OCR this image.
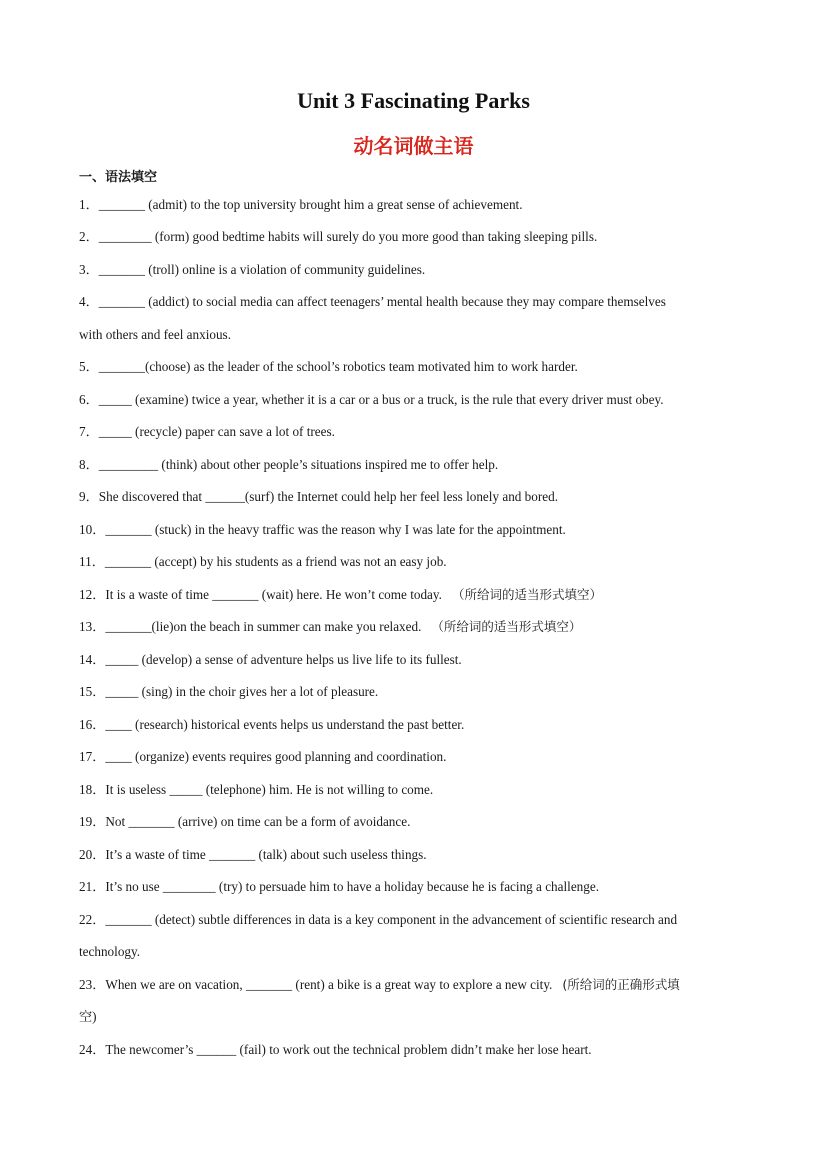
Unit 3 Fascinating Parks
动名词做主语
一、语法填空
1．_______ (admit) to the top university brought him a great sense of achievement.
2．________ (form) good bedtime habits will surely do you more good than taking sleeping pills.
3．_______ (troll) online is a violation of community guidelines.
4．_______ (addict) to social media can affect teenagers’ mental health because they may compare themselves
with others and feel anxious.
5．_______(choose) as the leader of the school’s robotics team motivated him to work harder.
6．_____ (examine) twice a year, whether it is a car or a bus or a truck, is the rule that every driver must obey.
7．_____ (recycle) paper can save a lot of trees.
8．_________ (think) about other people’s situations inspired me to offer help.
9．She discovered that ______(surf) the Internet could help her feel less lonely and bored.
10．_______ (stuck) in the heavy traffic was the reason why I was late for the appointment.
11．_______ (accept) by his students as a friend was not an easy job.
12．It is a waste of time _______ (wait) here. He won’t come today. （所给词的适当形式填空）
13．_______(lie)on the beach in summer can make you relaxed. （所给词的适当形式填空）
14．_____ (develop) a sense of adventure helps us live life to its fullest.
15．_____ (sing) in the choir gives her a lot of pleasure.
16．____ (research) historical events helps us understand the past better.
17．____ (organize) events requires good planning and coordination.
18．It is useless _____ (telephone) him. He is not willing to come.
19．Not _______ (arrive) on time can be a form of avoidance.
20．It’s a waste of time _______ (talk) about such useless things.
21．It’s no use ________ (try) to persuade him to have a holiday because he is facing a challenge.
22．_______ (detect) subtle differences in data is a key component in the advancement of scientific research and
technology.
23．When we are on vacation, _______ (rent) a bike is a great way to explore a new city. (所给词的正确形式填
空)
24．The newcomer’s ______ (fail) to work out the technical problem didn’t make her lose heart.
